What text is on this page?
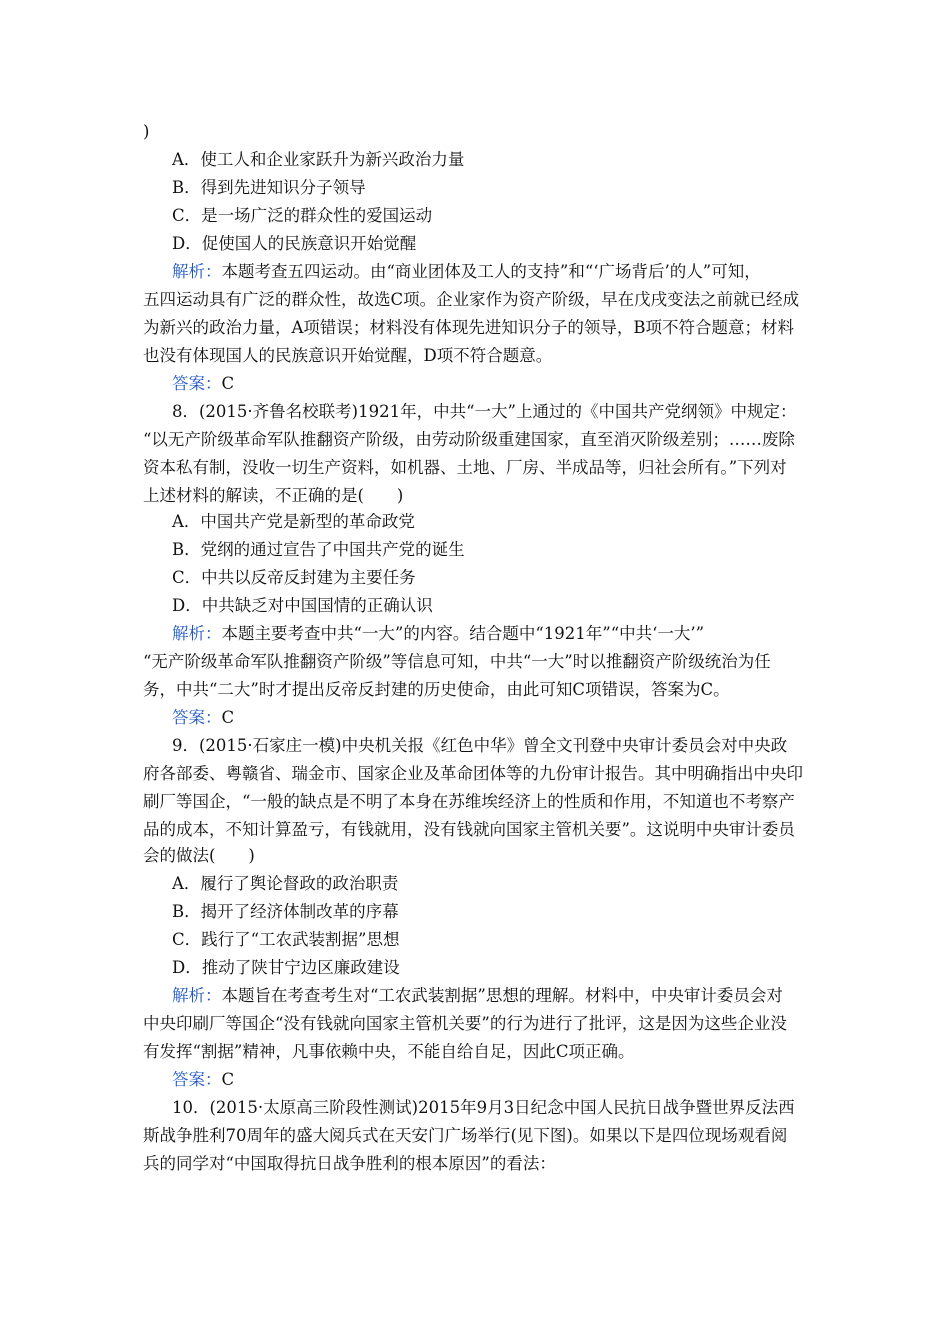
)
A．使工人和企业家跃升为新兴政治力量
B．得到先进知识分子领导
C．是一场广泛的群众性的爱国运动
D．促使国人的民族意识开始觉醒
解析：本题考查五四运动。由“商业团体及工人的支持”和“‘广场背后’的人”可知，
五四运动具有广泛的群众性，故选C项。企业家作为资产阶级，早在戊戌变法之前就已经成
为新兴的政治力量，A项错误；材料没有体现先进知识分子的领导，B项不符合题意；材料
也没有体现国人的民族意识开始觉醒，D项不符合题意。
答案：C
8．(2015·齐鲁名校联考)1921年，中共“一大”上通过的《中国共产党纲领》中规定：
“以无产阶级革命军队推翻资产阶级，由劳动阶级重建国家，直至消灭阶级差别；……废除
资本私有制，没收一切生产资料，如机器、土地、厂房、半成品等，归社会所有。”下列对
上述材料的解读，不正确的是(　　)
A．中国共产党是新型的革命政党
B．党纲的通过宣告了中国共产党的诞生
C．中共以反帝反封建为主要任务
D．中共缺乏对中国国情的正确认识
解析：本题主要考查中共“一大”的内容。结合题中“1921年”“中共‘一大’”
“无产阶级革命军队推翻资产阶级”等信息可知，中共“一大”时以推翻资产阶级统治为任
务，中共“二大”时才提出反帝反封建的历史使命，由此可知C项错误，答案为C。
答案：C
9．(2015·石家庄一模)中央机关报《红色中华》曾全文刊登中央审计委员会对中央政
府各部委、粤赣省、瑞金市、国家企业及革命团体等的九份审计报告。其中明确指出中央印
刷厂等国企，“一般的缺点是不明了本身在苏维埃经济上的性质和作用，不知道也不考察产
品的成本，不知计算盈亏，有钱就用，没有钱就向国家主管机关要”。这说明中央审计委员
会的做法(　　)
A．履行了舆论督政的政治职责
B．揭开了经济体制改革的序幕
C．践行了“工农武装割据”思想
D．推动了陕甘宁边区廉政建设
解析：本题旨在考查考生对“工农武装割据”思想的理解。材料中，中央审计委员会对
中央印刷厂等国企“没有钱就向国家主管机关要”的行为进行了批评，这是因为这些企业没
有发挥“割据”精神，凡事依赖中央，不能自给自足，因此C项正确。
答案：C
10．(2015·太原高三阶段性测试)2015年9月3日纪念中国人民抗日战争暨世界反法西
斯战争胜利70周年的盛大阅兵式在天安门广场举行(见下图)。如果以下是四位现场观看阅
兵的同学对“中国取得抗日战争胜利的根本原因”的看法：
